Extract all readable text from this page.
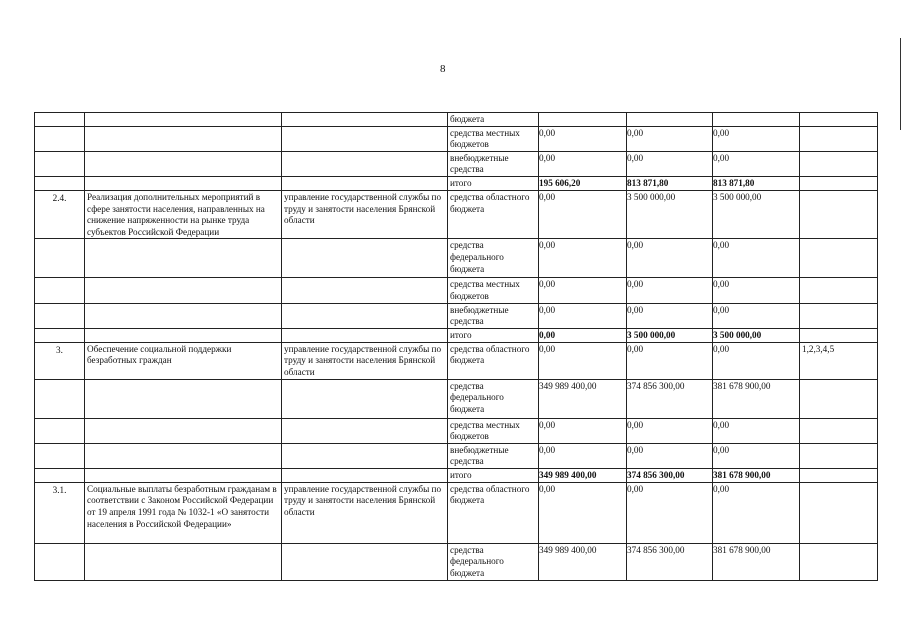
8
			бюджета				
			средства местных бюджетов	0,00	0,00	0,00	
			внебюджетные средства	0,00	0,00	0,00	
			итого	195 606,20	813 871,80	813 871,80	
2.4.	Реализация дополнительных мероприятий в сфере занятости населения, направленных на снижение напряженности на рынке труда субъектов Российской Федерации	управление государственной службы по труду и занятости населения Брянской области	средства областного бюджета	0,00	3 500 000,00	3 500 000,00	
			средства федерального бюджета	0,00	0,00	0,00	
			средства местных бюджетов	0,00	0,00	0,00	
			внебюджетные средства	0,00	0,00	0,00	
			итого	0,00	3 500 000,00	3 500 000,00	
3.	Обеспечение социальной поддержки безработных граждан	управление государственной службы по труду и занятости населения Брянской области	средства областного бюджета	0,00	0,00	0,00	1,2,3,4,5
			средства федерального бюджета	349 989 400,00	374 856 300,00	381 678 900,00	
			средства местных бюджетов	0,00	0,00	0,00	
			внебюджетные средства	0,00	0,00	0,00	
			итого	349 989 400,00	374 856 300,00	381 678 900,00	
3.1.	Социальные выплаты безработным гражданам в соответствии с Законом Российской Федерации от 19 апреля 1991 года № 1032-1 «О занятости населения в Российской Федерации»	управление государственной службы по труду и занятости населения Брянской области	средства областного бюджета	0,00	0,00	0,00	
			средства федерального бюджета	349 989 400,00	374 856 300,00	381 678 900,00	
